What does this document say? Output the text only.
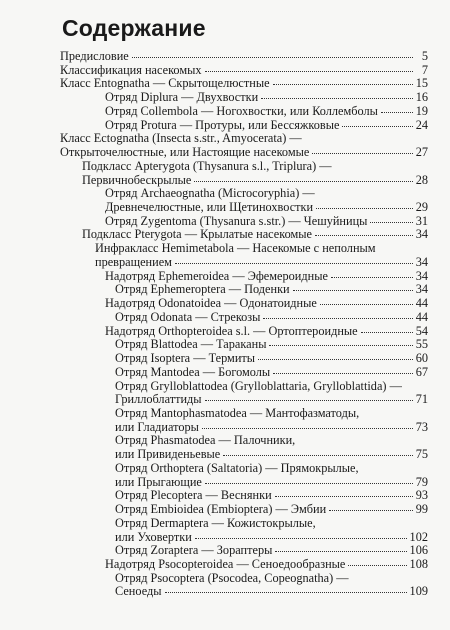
Содержание
Предисловие	5
Классификация насекомых	7
Класс Entognatha — Скрытощелюстные	15
Отряд Diplura — Двухвостки	16
Отряд Collembola — Ногохвостки, или Коллемболы	19
Отряд Protura — Протуры, или Бессяжковые	24
Класс Ectognatha (Insecta s.str., Amyocerata) —
Открыточелюстные, или Настоящие насекомые	27
Подкласс Apterygota (Thysanura s.l., Triplura) —
Первичнобескрылые	28
Отряд Archaeognatha (Microcoryphia) —
Древнечелюстные, или Щетинохвостки	29
Отряд Zygentoma (Thysanura s.str.) — Чешуйницы	31
Подкласс Pterygota — Крылатые насекомые	34
Инфракласс Hemimetabola — Насекомые с неполным
превращением	34
Надотряд Ephemeroidea — Эфемероидные	34
Отряд Ephemeroptera — Поденки	34
Надотряд Odonatoidea — Одонатоидные	44
Отряд Odonata — Стрекозы	44
Надотряд Orthopteroidea s.l. — Ортоптероидные	54
Отряд Blattodea — Тараканы	55
Отряд Isoptera — Термиты	60
Отряд Mantodea — Богомолы	67
Отряд Grylloblattodea (Grylloblattaria, Grylloblattida) —
Гриллоблаттиды	71
Отряд Mantophasmatodea — Мантофазматоды,
или Гладиаторы	73
Отряд Phasmatodea — Палочники,
или Привиденьевые	75
Отряд Orthoptera (Saltatoria) — Прямокрылые,
или Прыгающие	79
Отряд Plecoptera — Веснянки	93
Отряд Embioidea (Embioptera) — Эмбии	99
Отряд Dermaptera — Кожистокрылые,
или Уховертки	102
Отряд Zoraptera — Зораптеры	106
Надотряд Psocopteroidea — Сеноедообразные	108
Отряд Psocoptera (Psocodea, Copeognatha) —
Сеноеды	109
